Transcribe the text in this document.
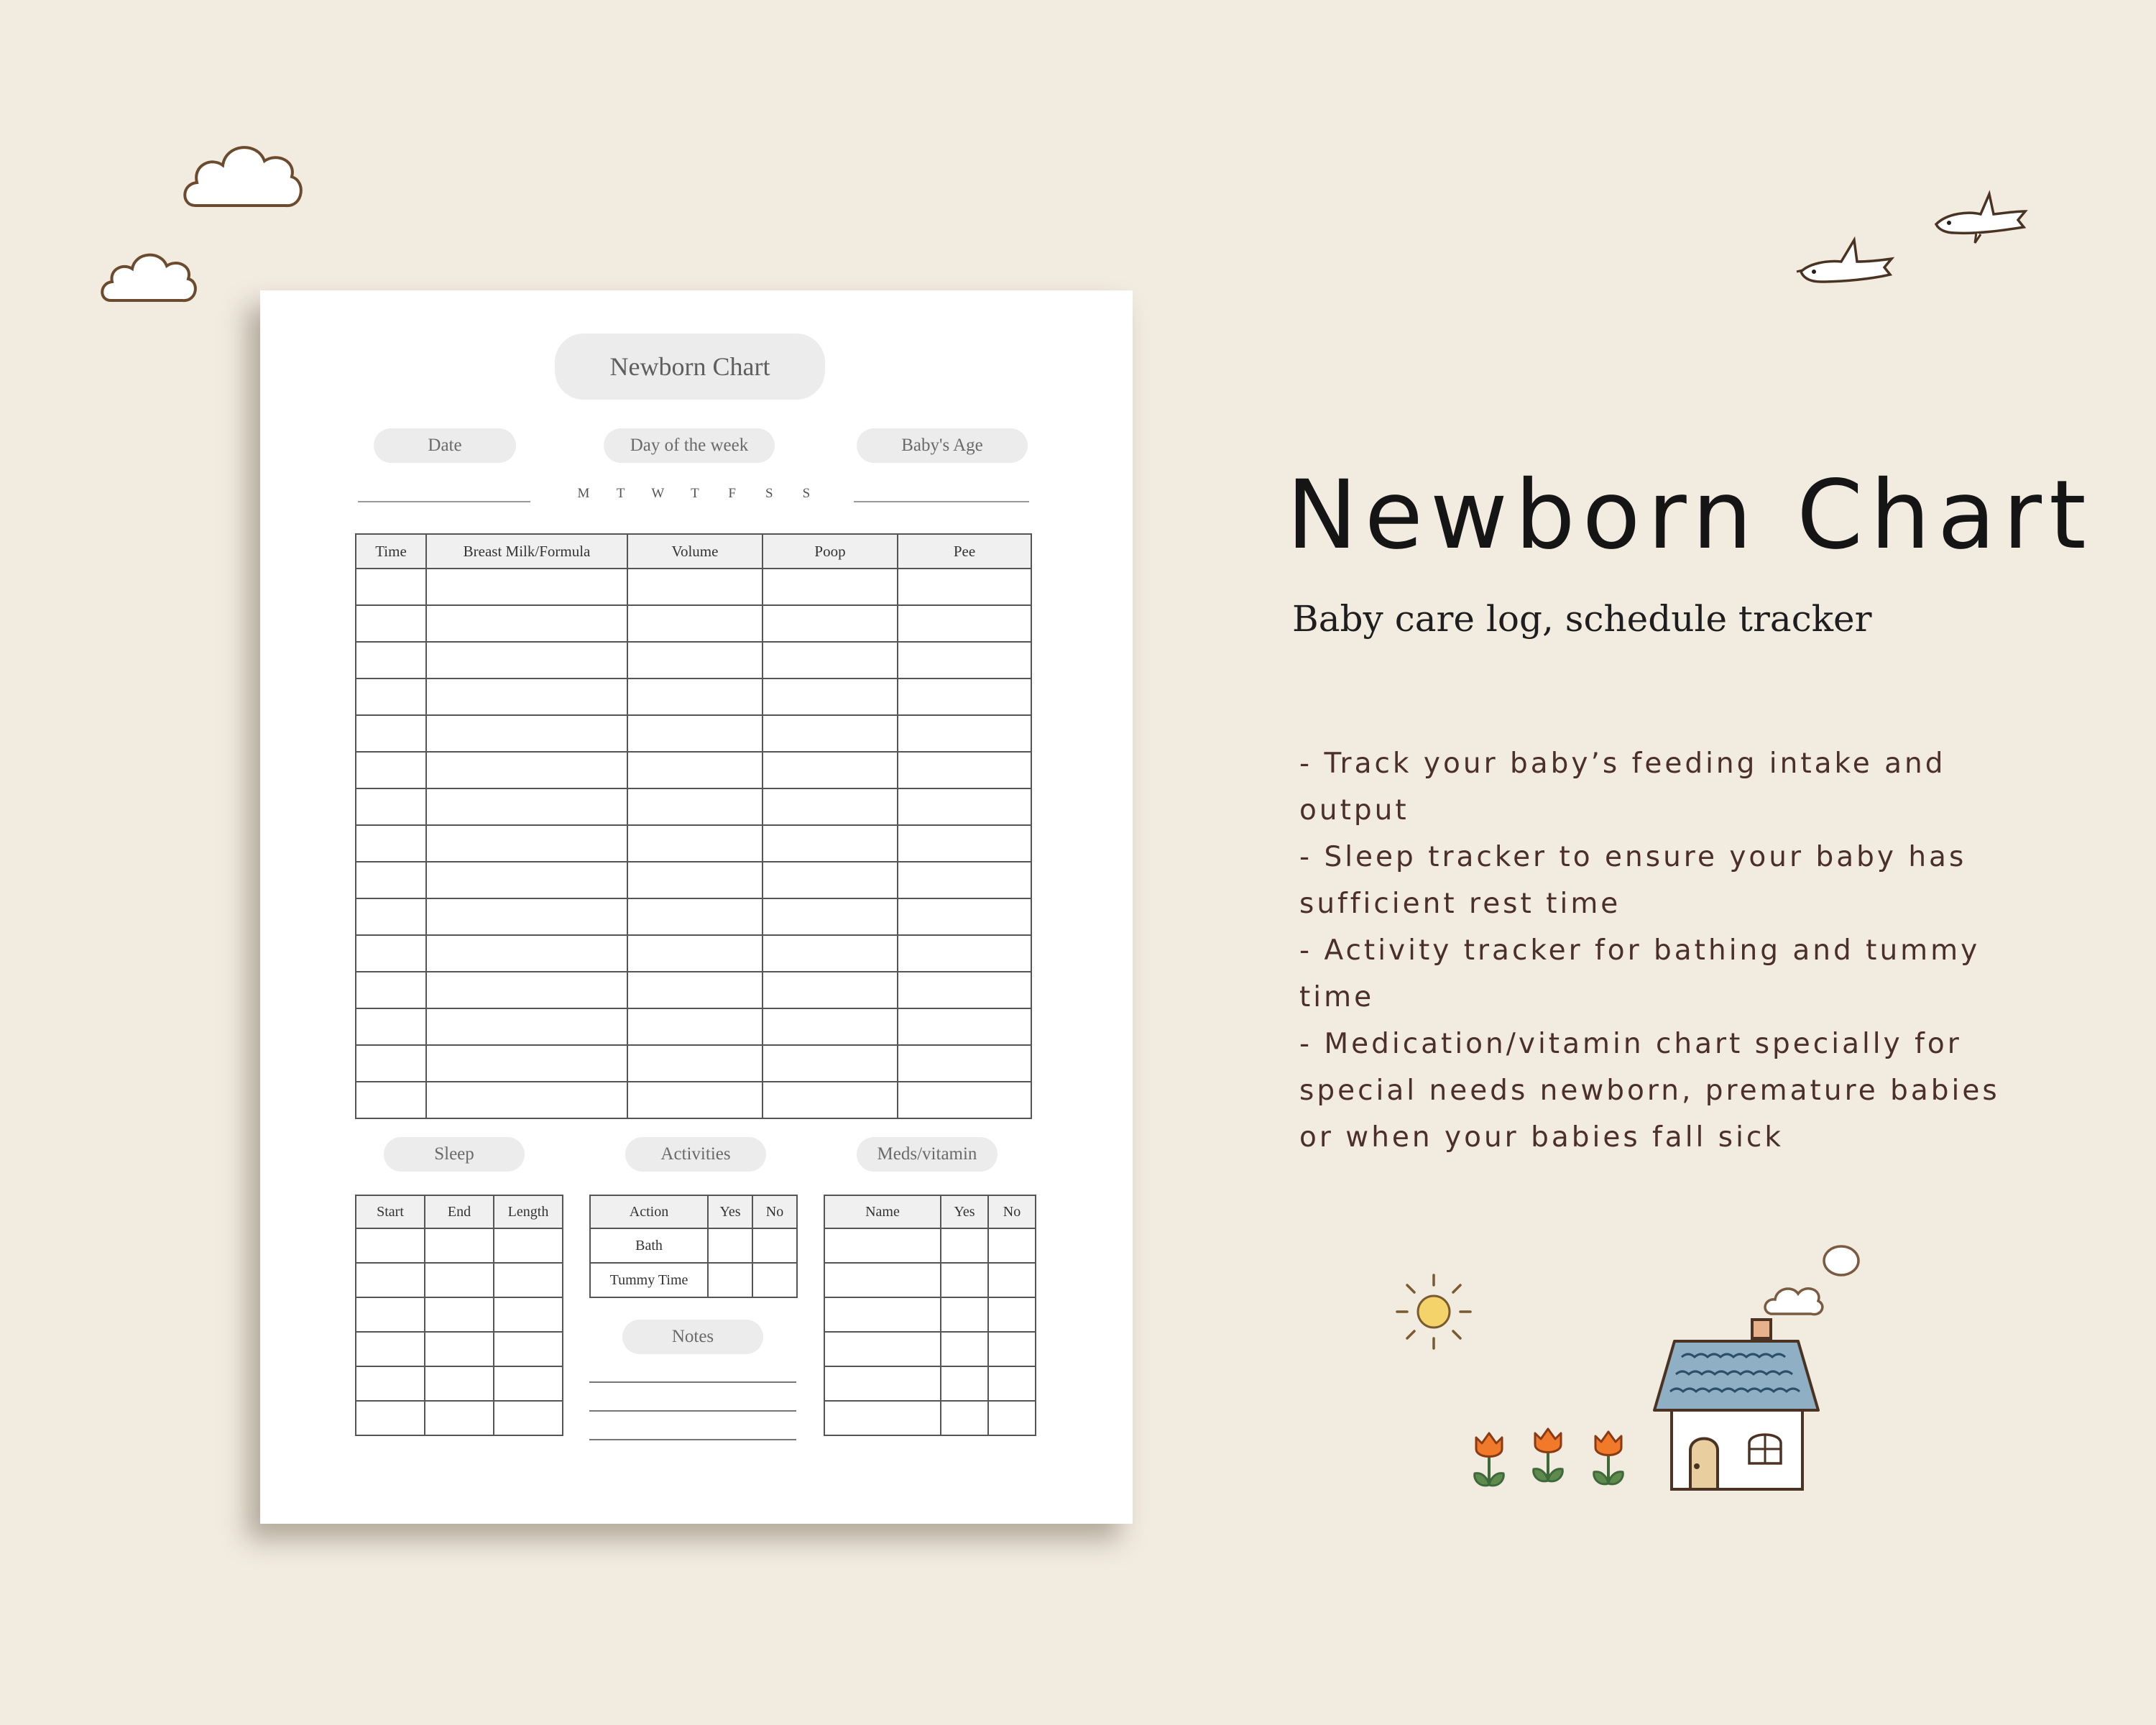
Newborn Chart
Date	Day of the week	Baby's Age
M T W T F S S
Time	Breast Milk/Formula	Volume	Poop	Pee

Sleep	Activities	Meds/vitamin
Start	End	Length

			Action	Yes	No
Bath		
Tummy Time		
Notes
Name	Yes	No

Newborn Chart
Baby care log, schedule tracker
- Track your baby’s feeding intake and output
- Sleep tracker to ensure your baby has sufficient rest time
- Activity tracker for bathing and tummy time
- Medication/vitamin chart specially for special needs newborn, premature babies or when your babies fall sick
